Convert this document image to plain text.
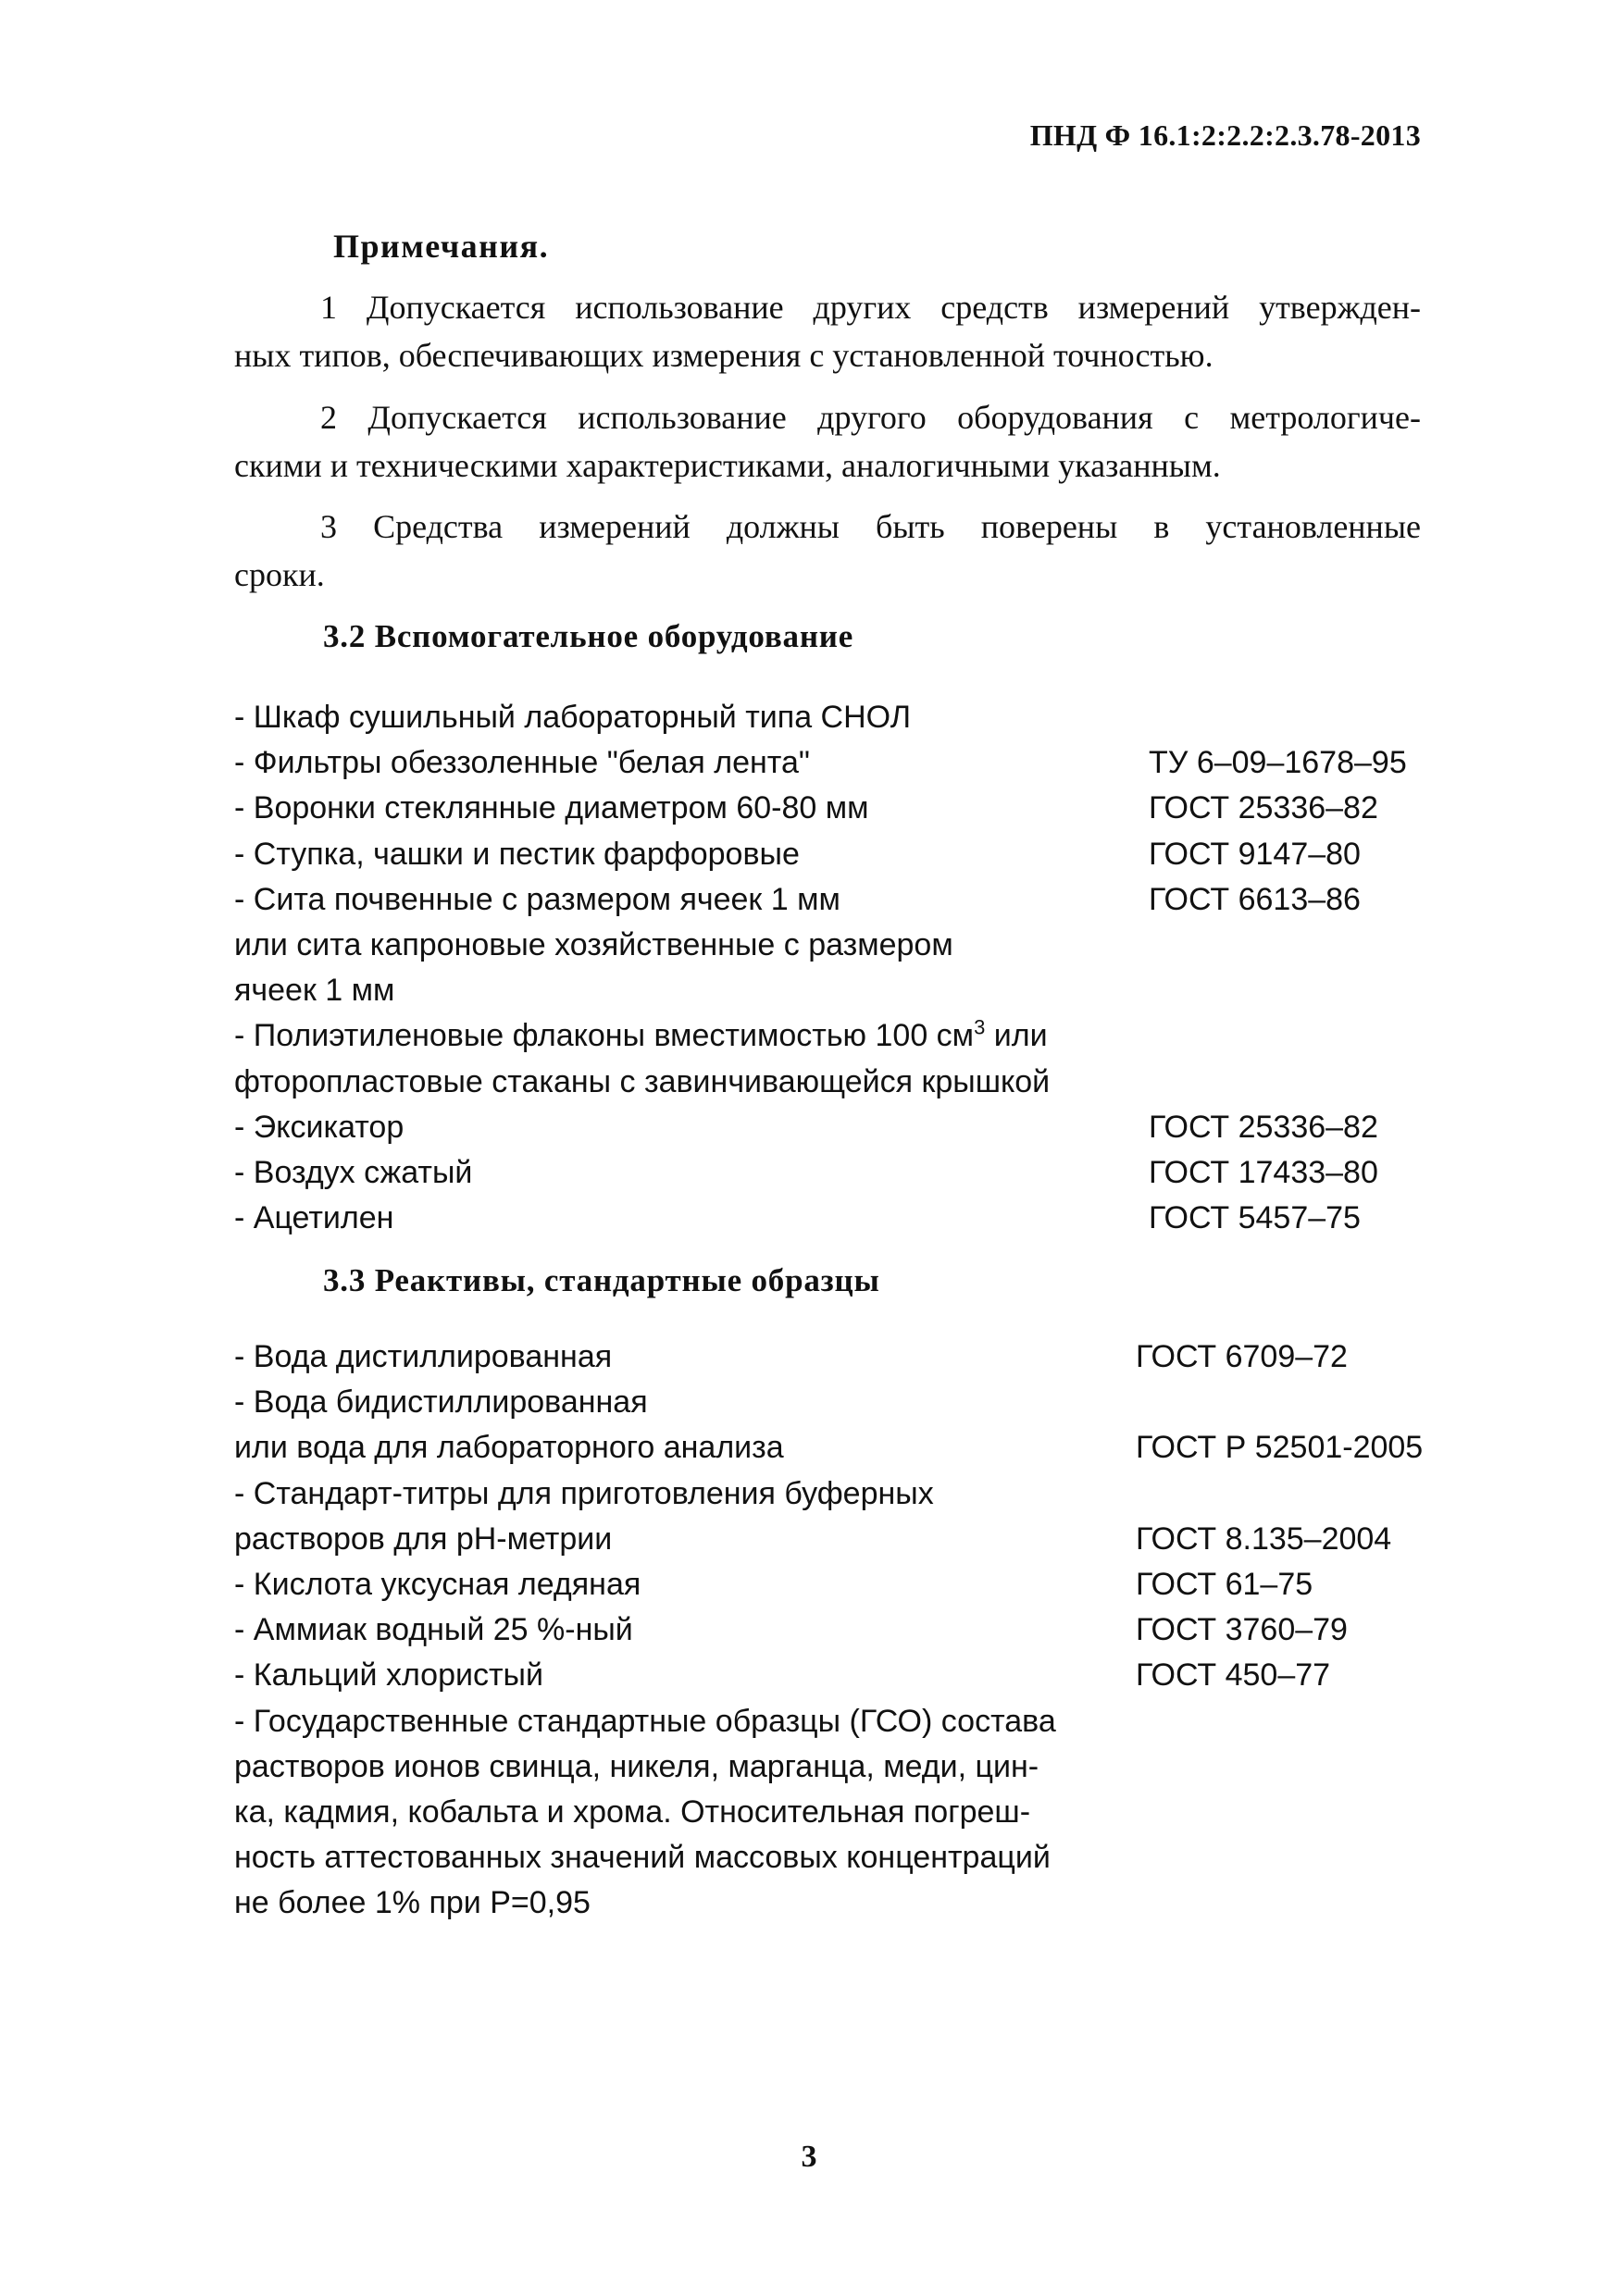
ПНД Ф 16.1:2:2.2:2.3.78-2013
Примечания.
1 Допускается использование других средств измерений утвержден-
ных типов, обеспечивающих измерения с установленной точностью.
2 Допускается использование другого оборудования с метрологиче-
скими и техническими характеристиками, аналогичными указанным.
3 Средства измерений должны быть поверены в установленные
сроки.
3.2 Вспомогательное оборудование
- Шкаф сушильный лабораторный типа СНОЛ
- Фильтры обеззоленные "белая лента"	ТУ 6–09–1678–95
- Воронки стеклянные диаметром 60-80 мм	ГОСТ 25336–82
- Ступка, чашки и пестик фарфоровые	ГОСТ 9147–80
- Сита почвенные с размером ячеек 1 мм	ГОСТ 6613–86
или сита капроновые хозяйственные с размером
ячеек 1 мм
- Полиэтиленовые флаконы вместимостью 100 $см^3$ или
фторопластовые стаканы с завинчивающейся крышкой
- Эксикатор	ГОСТ 25336–82
- Воздух сжатый	ГОСТ 17433–80
- Ацетилен	ГОСТ 5457–75
3.3 Реактивы, стандартные образцы
- Вода дистиллированная	ГОСТ 6709–72
- Вода бидистиллированная
или вода для лабораторного анализа	ГОСТ Р 52501-2005
- Стандарт-титры для приготовления буферных
растворов для рН-метрии	ГОСТ 8.135–2004
- Кислота уксусная ледяная	ГОСТ 61–75
- Аммиак водный 25 %-ный	ГОСТ 3760–79
- Кальций хлористый	ГОСТ 450–77
- Государственные стандартные образцы (ГСО) состава
растворов ионов свинца, никеля, марганца, меди, цин-
ка, кадмия, кобальта и хрома. Относительная погреш-
ность аттестованных значений массовых концентраций
не более 1% при Р=0,95
3
